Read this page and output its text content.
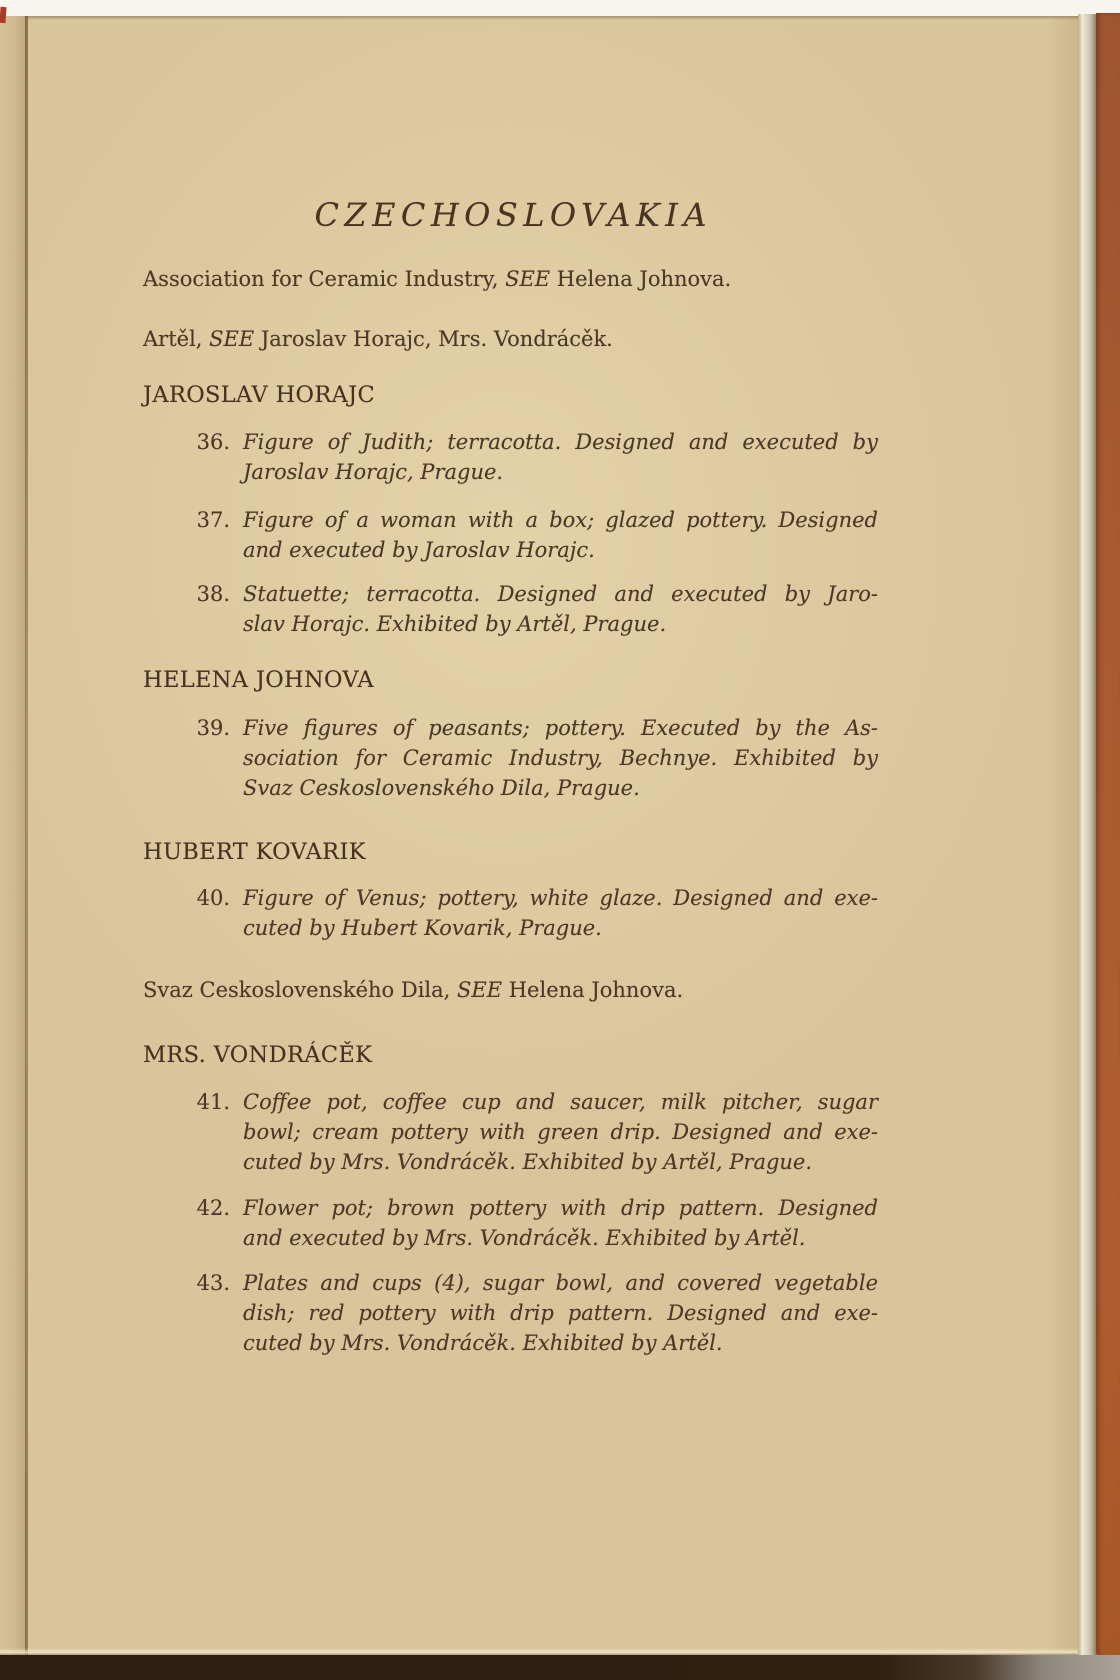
CZECHOSLOVAKIA
Association for Ceramic Industry, SEE Helena Johnova.
Artěl, SEE Jaroslav Horajc, Mrs. Vondrácěk.
JAROSLAV HORAJC
36. Figure of Judith; terracotta. Designed and executed by
Jaroslav Horajc, Prague.
37. Figure of a woman with a box; glazed pottery. Designed
and executed by Jaroslav Horajc.
38. Statuette; terracotta. Designed and executed by Jaro-
slav Horajc. Exhibited by Artěl, Prague.
HELENA JOHNOVA
39. Five figures of peasants; pottery. Executed by the As-
sociation for Ceramic Industry, Bechnye. Exhibited by
Svaz Ceskoslovenského Dila, Prague.
HUBERT KOVARIK
40. Figure of Venus; pottery, white glaze. Designed and exe-
cuted by Hubert Kovarik, Prague.
Svaz Ceskoslovenského Dila, SEE Helena Johnova.
MRS. VONDRÁCĚK
41. Coffee pot, coffee cup and saucer, milk pitcher, sugar
bowl; cream pottery with green drip. Designed and exe-
cuted by Mrs. Vondrácěk. Exhibited by Artěl, Prague.
42. Flower pot; brown pottery with drip pattern. Designed
and executed by Mrs. Vondrácěk. Exhibited by Artěl.
43. Plates and cups (4), sugar bowl, and covered vegetable
dish; red pottery with drip pattern. Designed and exe-
cuted by Mrs. Vondrácěk. Exhibited by Artěl.
